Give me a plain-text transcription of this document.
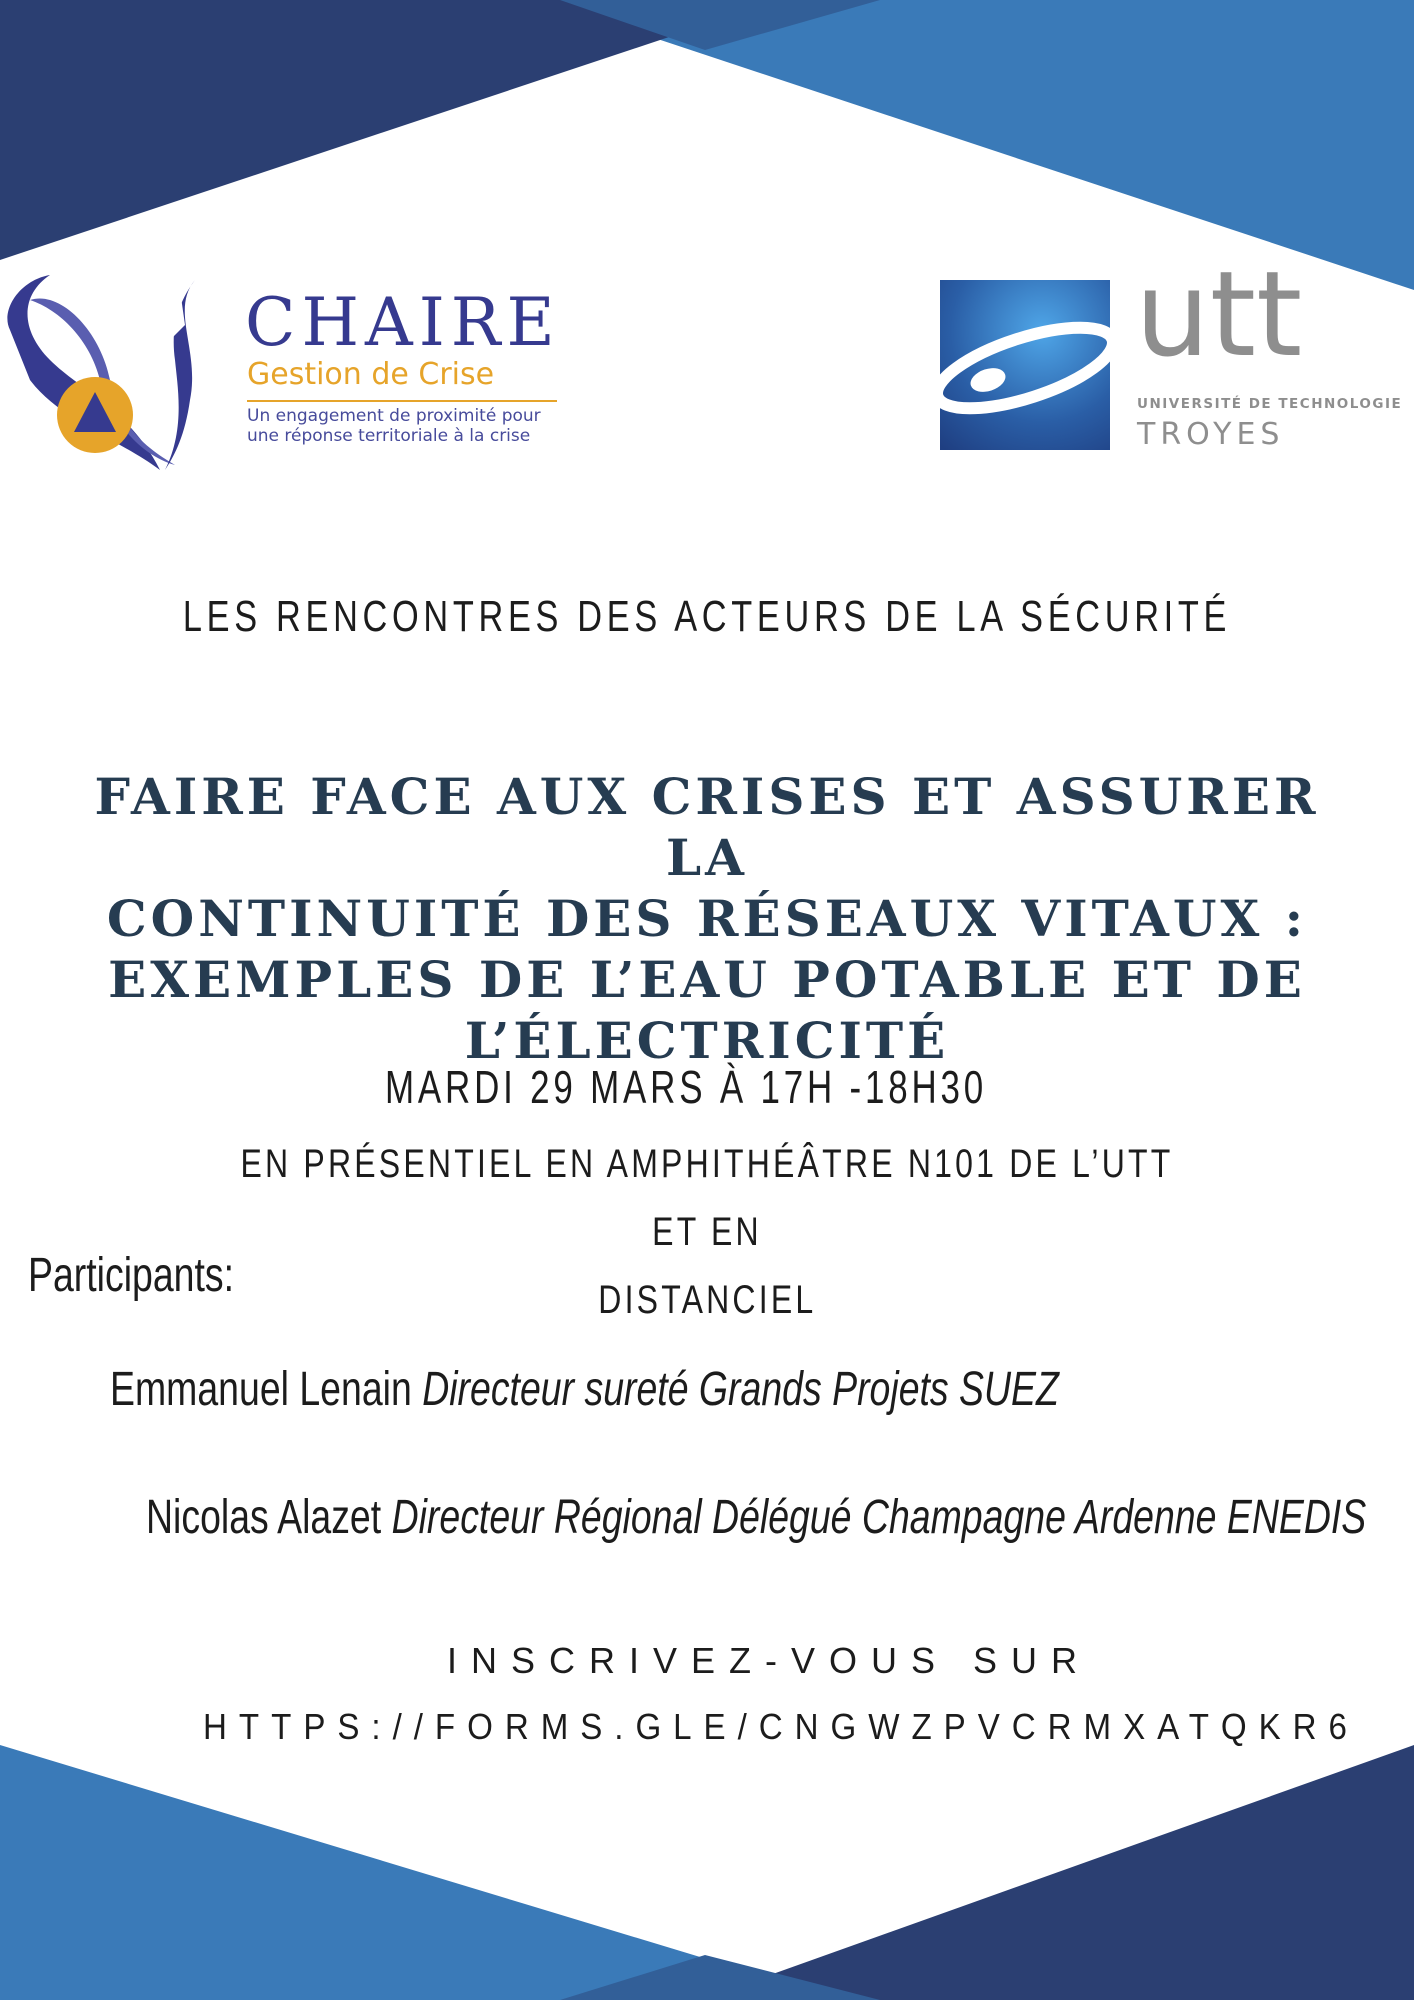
CHAIRE
Gestion de Crise
Un engagement de proximité pour
une réponse territoriale à la crise
utt
UNIVERSITÉ DE TECHNOLOGIE
TROYES
LES RENCONTRES DES ACTEURS DE LA SÉCURITÉ
FAIRE FACE AUX CRISES ET ASSURER LA
CONTINUITÉ DES RÉSEAUX VITAUX :
EXEMPLES DE L’EAU POTABLE ET DE
L’ÉLECTRICITÉ
MARDI 29 MARS À 17H -18H30
EN PRÉSENTIEL EN AMPHITHÉÂTRE N101 DE L’UTT ET EN
DISTANCIEL
Participants:
Emmanuel Lenain Directeur sureté Grands Projets SUEZ
Nicolas Alazet Directeur Régional Délégué Champagne Ardenne ENEDIS
INSCRIVEZ-VOUS SUR
HTTPS://FORMS.GLE/CNGWZPVCRMXATQKR6
